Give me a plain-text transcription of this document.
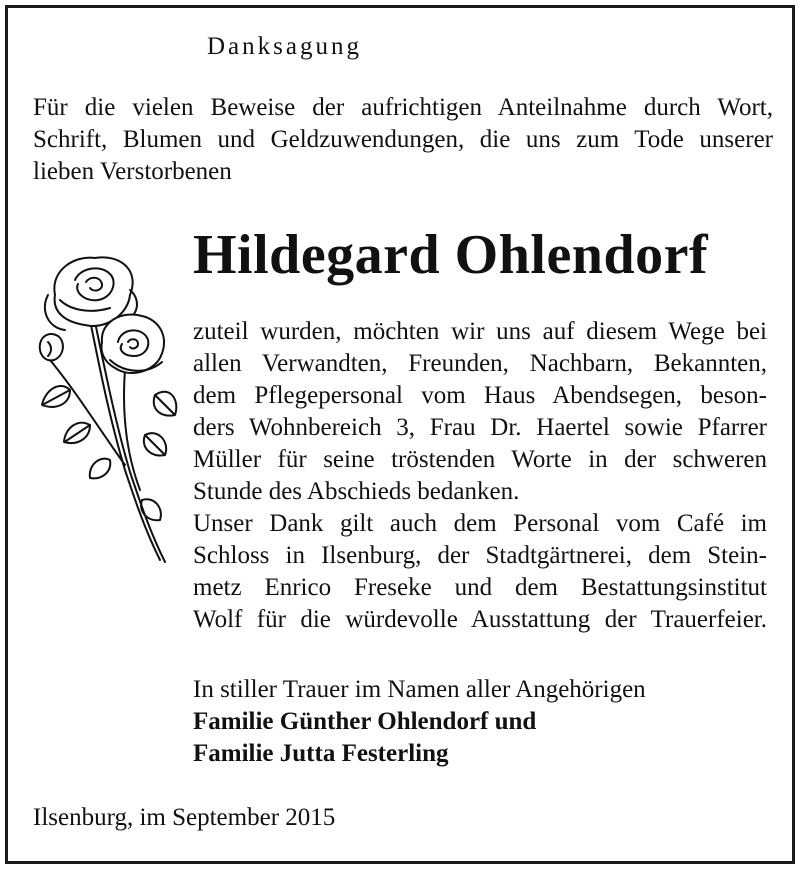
Danksagung
Für die vielen Beweise der aufrichtigen Anteilnahme durch Wort,
Schrift, Blumen und Geldzuwendungen, die uns zum Tode unserer
lieben Verstorbenen
Hildegard Ohlendorf
zuteil wurden, möchten wir uns auf diesem Wege bei
allen Verwandten, Freunden, Nachbarn, Bekannten,
dem Pflegepersonal vom Haus Abendsegen, beson-
ders Wohnbereich 3, Frau Dr. Haertel sowie Pfarrer
Müller für seine tröstenden Worte in der schweren
Stunde des Abschieds bedanken.
Unser Dank gilt auch dem Personal vom Café im
Schloss in Ilsenburg, der Stadtgärtnerei, dem Stein-
metz Enrico Freseke und dem Bestattungsinstitut
Wolf für die würdevolle Ausstattung der Trauerfeier.
In stiller Trauer im Namen aller Angehörigen
Familie Günther Ohlendorf und
Familie Jutta Festerling
Ilsenburg, im September 2015
